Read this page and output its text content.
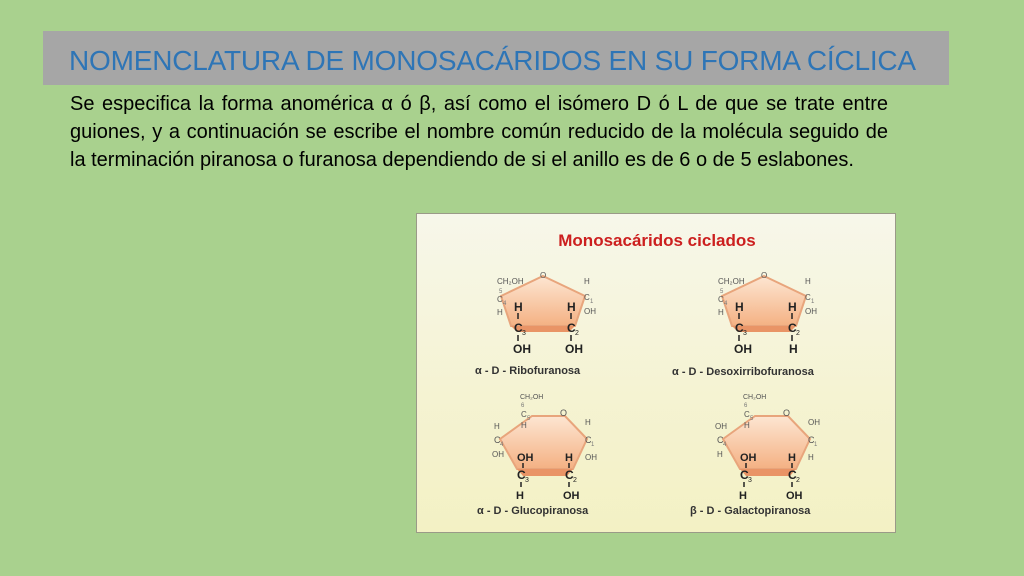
NOMENCLATURA DE MONOSACÁRIDOS EN SU FORMA CÍCLICA
Se especifica la forma anomérica α ó β, así como el isómero D ó L de que se trate entre guiones, y a continuación se escribe el nombre común reducido de la molécula seguido de la terminación piranosa o furanosa dependiendo de si el anillo es de 6 o de 5 eslabones.
Monosacáridos ciclados
CH₂OH
O
5
C 4
H
H
C 1
OH
H	H
C 3	C 2
OH	OH
α - D - Ribofuranosa
CH₂OH
O
5
C 4
H
H
C 1
OH
H	H
C 3	C 2
OH	H
α - D - Desoxirribofuranosa
CH₂OH
6
C 5
H
O
H
C 4
OH
H
C 1
OH
OH	H
C 3	C 2
H	OH
α - D - Glucopiranosa
CH₂OH
6
C 5
H
O
OH
C 4
H
OH
C 1
H
OH	H
C 3	C 2
H	OH
β - D - Galactopiranosa
